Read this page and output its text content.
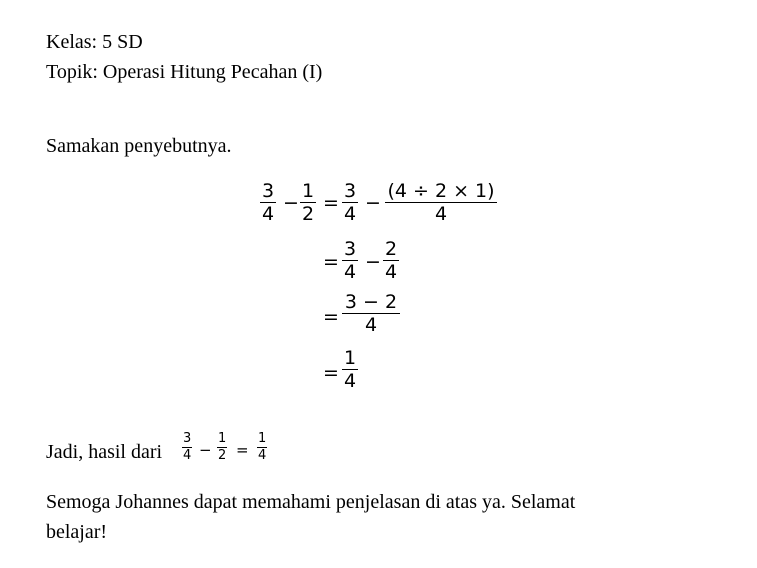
Kelas: 5 SD
Topik: Operasi Hitung Pecahan (I)
Samakan penyebutnya.
3
4 −
1
2 =
3
4 −
(4 ÷ 2 × 1)
4
=
3
4 −
2
4
=
3 − 2
4
=
1
4
Jadi, hasil dari
3
4 −
1
2 =
1
4
Semoga Johannes dapat memahami penjelasan di atas ya. Selamat
belajar!
